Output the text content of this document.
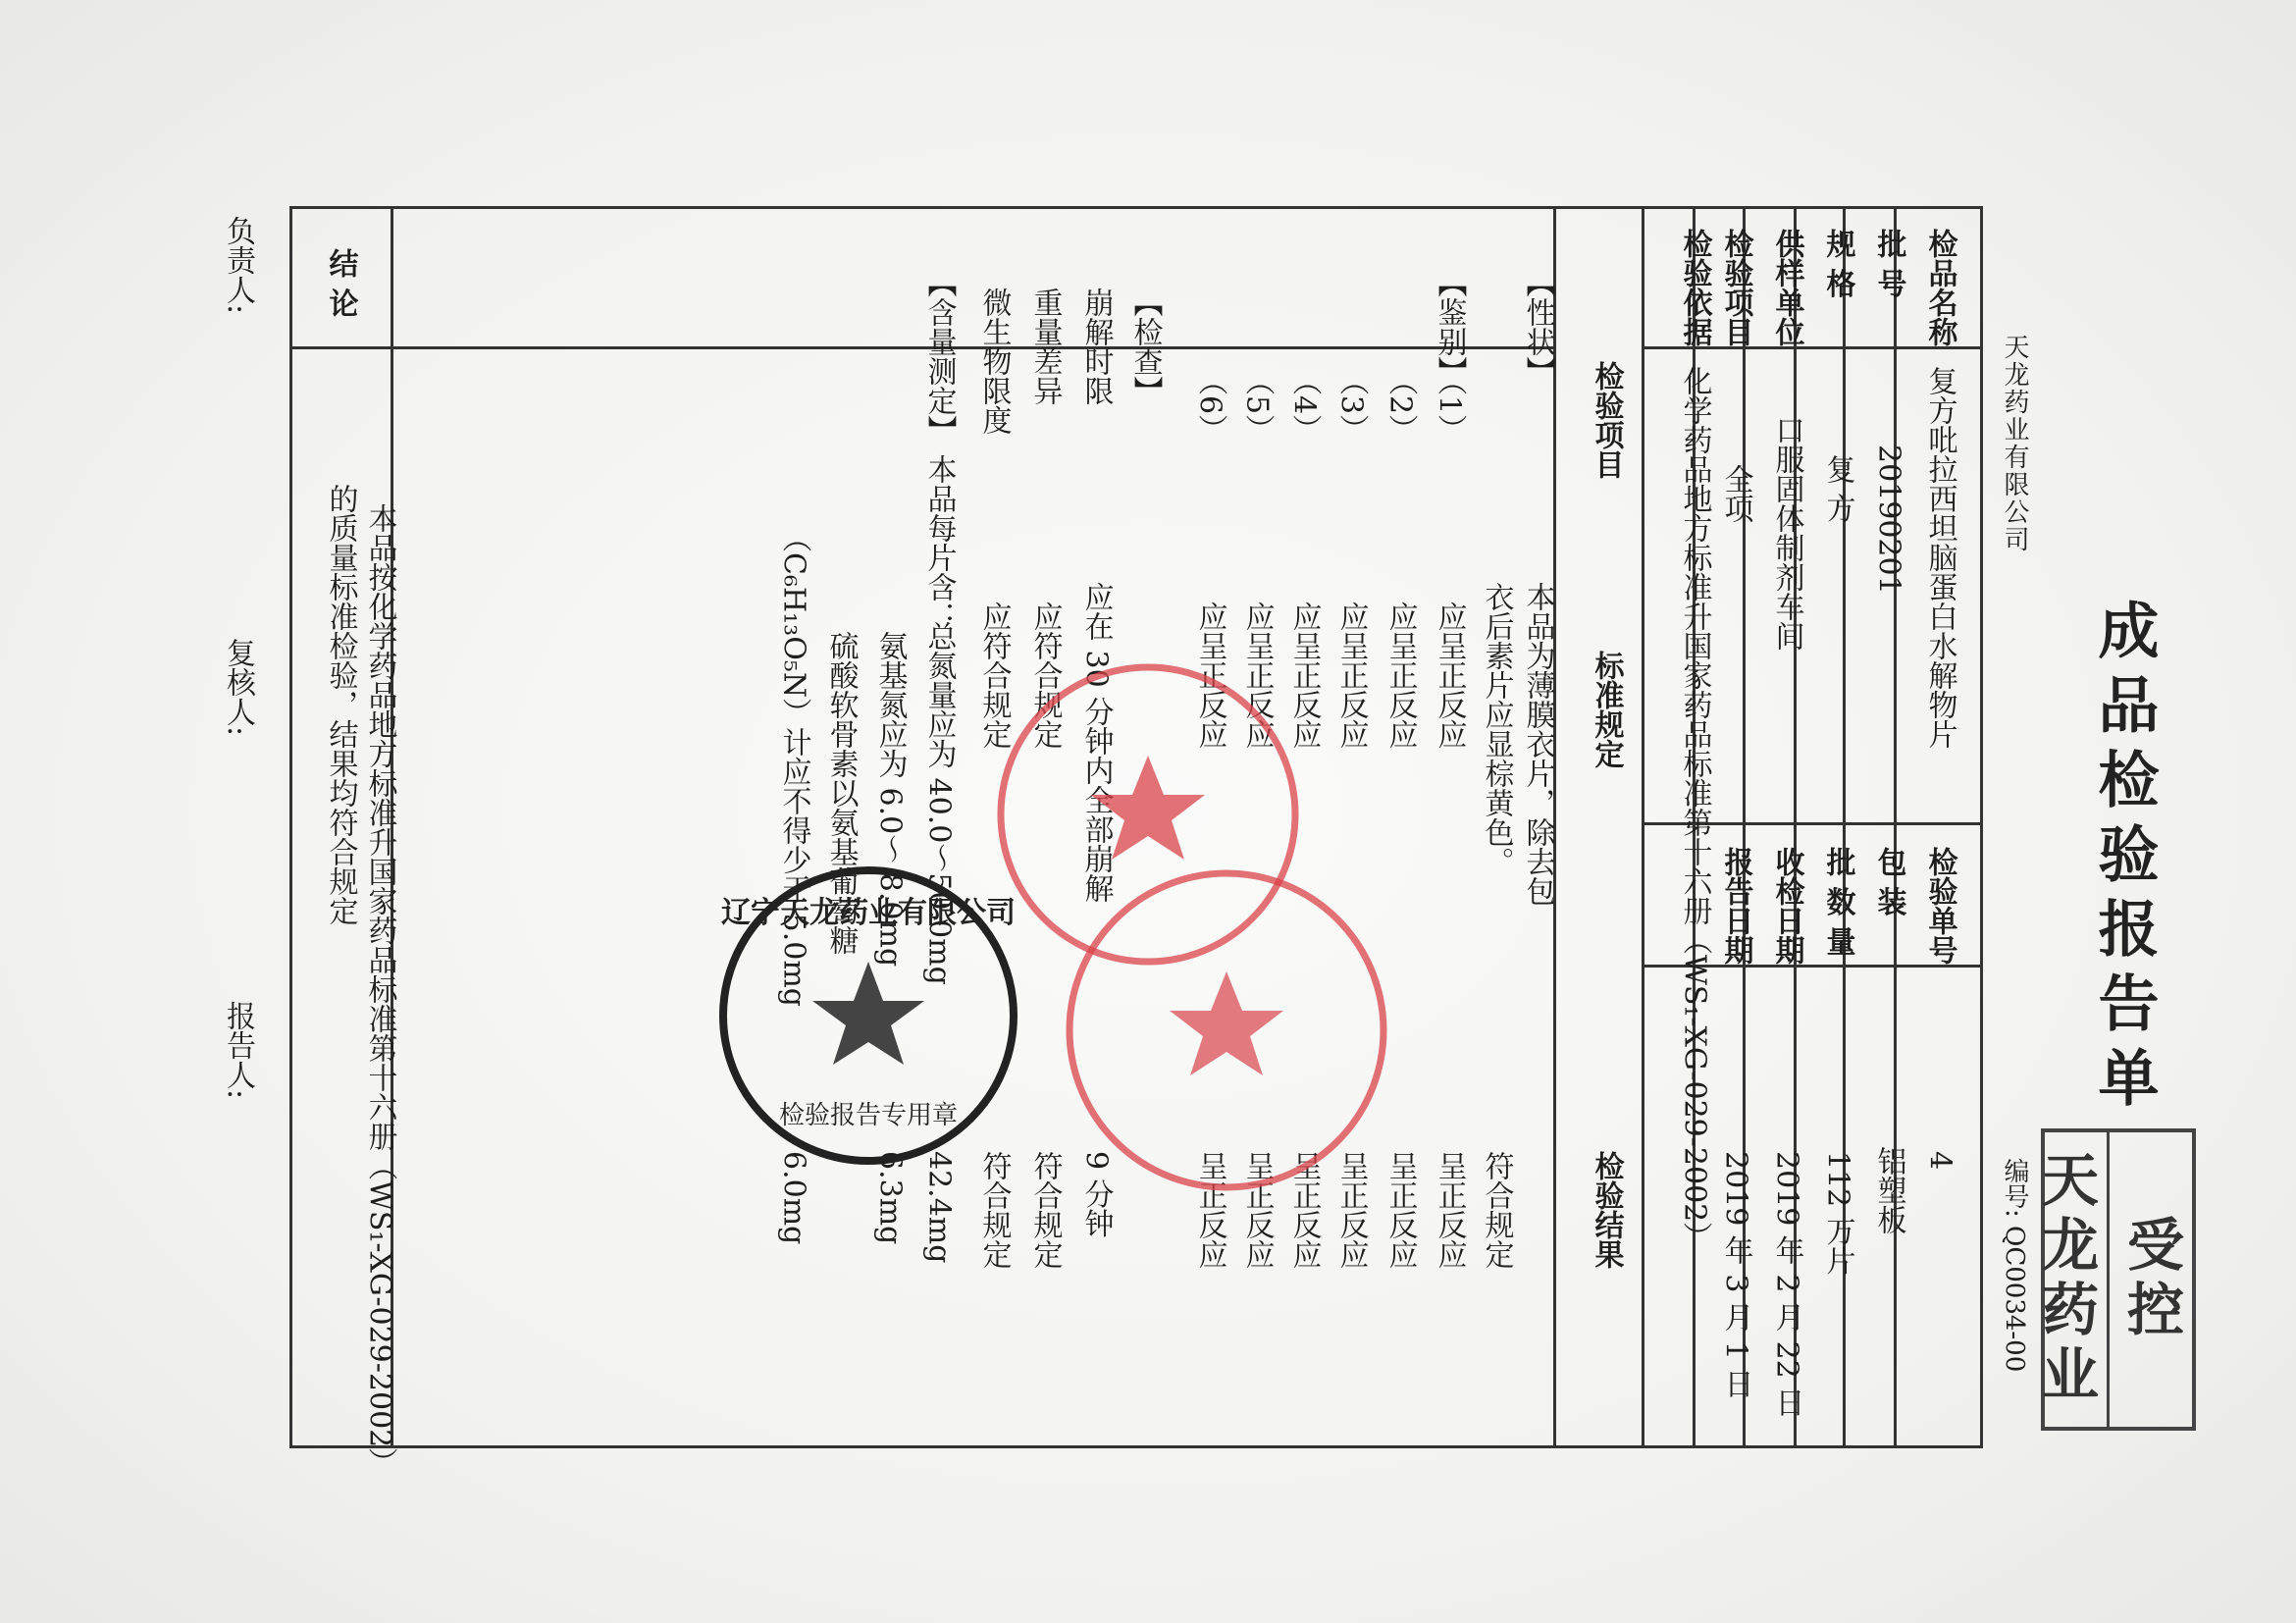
成品检验报告单
天龙药业有限公司
编号: QC0034-00 受
控
天
龙
药
业
检品名称
复方吡拉西坦脑蛋白水解物片
检验单号
4
批 号
20190201
包 装
铝塑板
规 格
复 方
批 数 量
112 万片
供样单位
口服固体制剂车间
收检日期
2019 年 2 月 22 日
检验项目
全项
报告日期
2019 年 3 月 1 日
检验依据
化学药品地方标准升国家药品标准第十六册（WS₁-XG-029-2002）
检验项目
标准规定
检验结果
【性状】
本品为薄膜衣片，除去包
衣后素片应显棕黄色。
符合规定
【鉴别】
（1）
应呈正反应
呈正反应
（2）
应呈正反应
呈正反应
（3）
应呈正反应
呈正反应
（4）
应呈正反应
呈正反应
（5）
应呈正反应
呈正反应
（6）
应呈正反应
呈正反应
【检查】
崩解时限
应在 30 分钟内全部崩解
9 分钟
重量差异
应符合规定
符合规定
微生物限度
应符合规定
符合规定
【含量测定】
本品每片含：
总氮量应为 40.0～50.0mg
42.4mg
氨基氮应为 6.0～ 8.0mg
6.3mg
硫酸软骨素以氨基葡萄糖
（C₆H₁₃O₅N）计应不得少于 5.0mg
6.0mg
结 论
本品按化学药品地方标准升国家药品标准第十六册（WS₁-XG-029-2002）
的质量标准检验，结果均符合规定
负责人:
复核人:
报告人:
辽宁天龙药业有限公司
检验报告专用章
